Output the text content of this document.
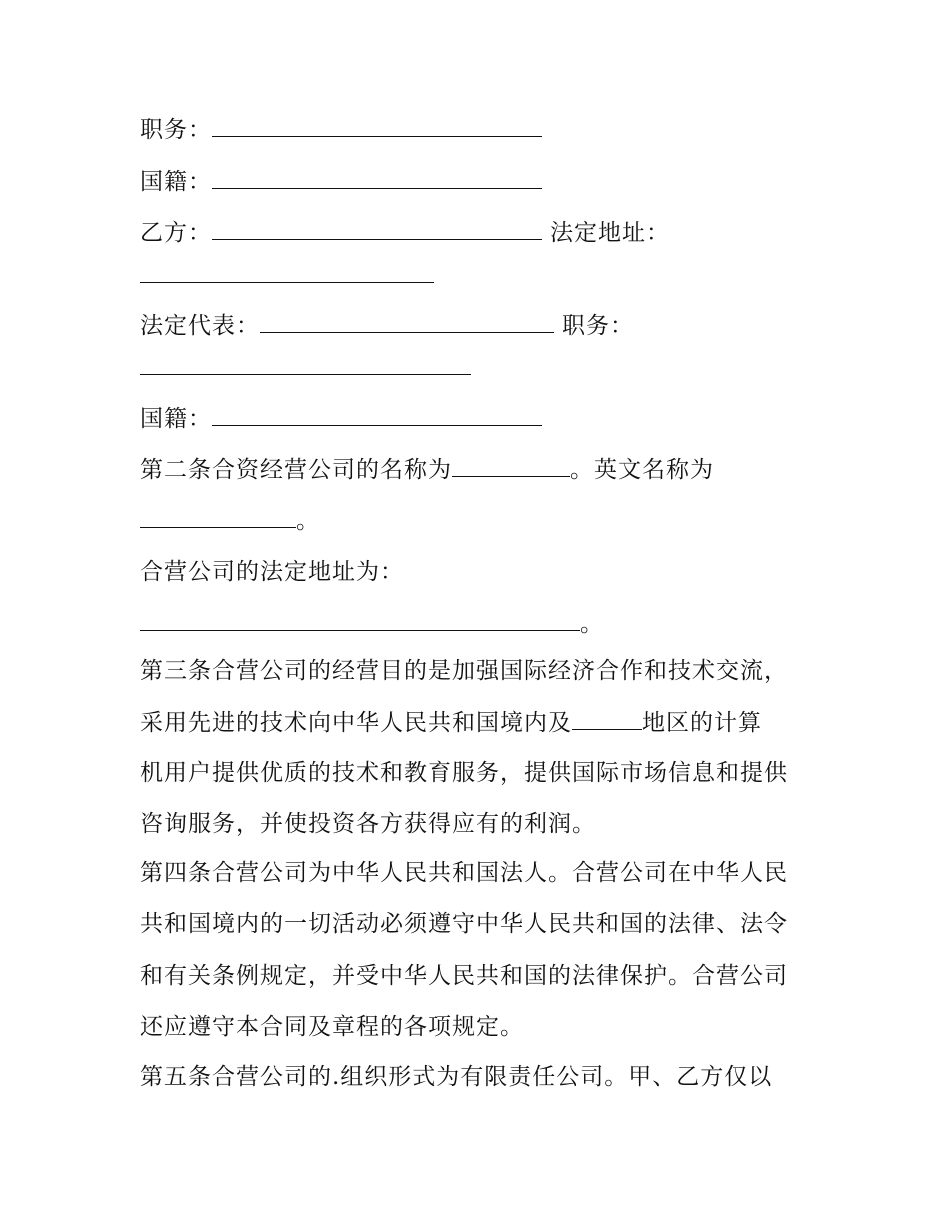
职务：
国籍：
乙方：	法定地址：
法定代表：	职务：
国籍：
第二条合资经营公司的名称为	。英文名称为
。
合营公司的法定地址为：
。
第三条合营公司的经营目的是加强国际经济合作和技术交流，
采用先进的技术向中华人民共和国境内及	地区的计算
机用户提供优质的技术和教育服务，提供国际市场信息和提供
咨询服务，并使投资各方获得应有的利润。
第四条合营公司为中华人民共和国法人。合营公司在中华人民
共和国境内的一切活动必须遵守中华人民共和国的法律、法令
和有关条例规定，并受中华人民共和国的法律保护。合营公司
还应遵守本合同及章程的各项规定。
第五条合营公司的.组织形式为有限责任公司。甲、乙方仅以
